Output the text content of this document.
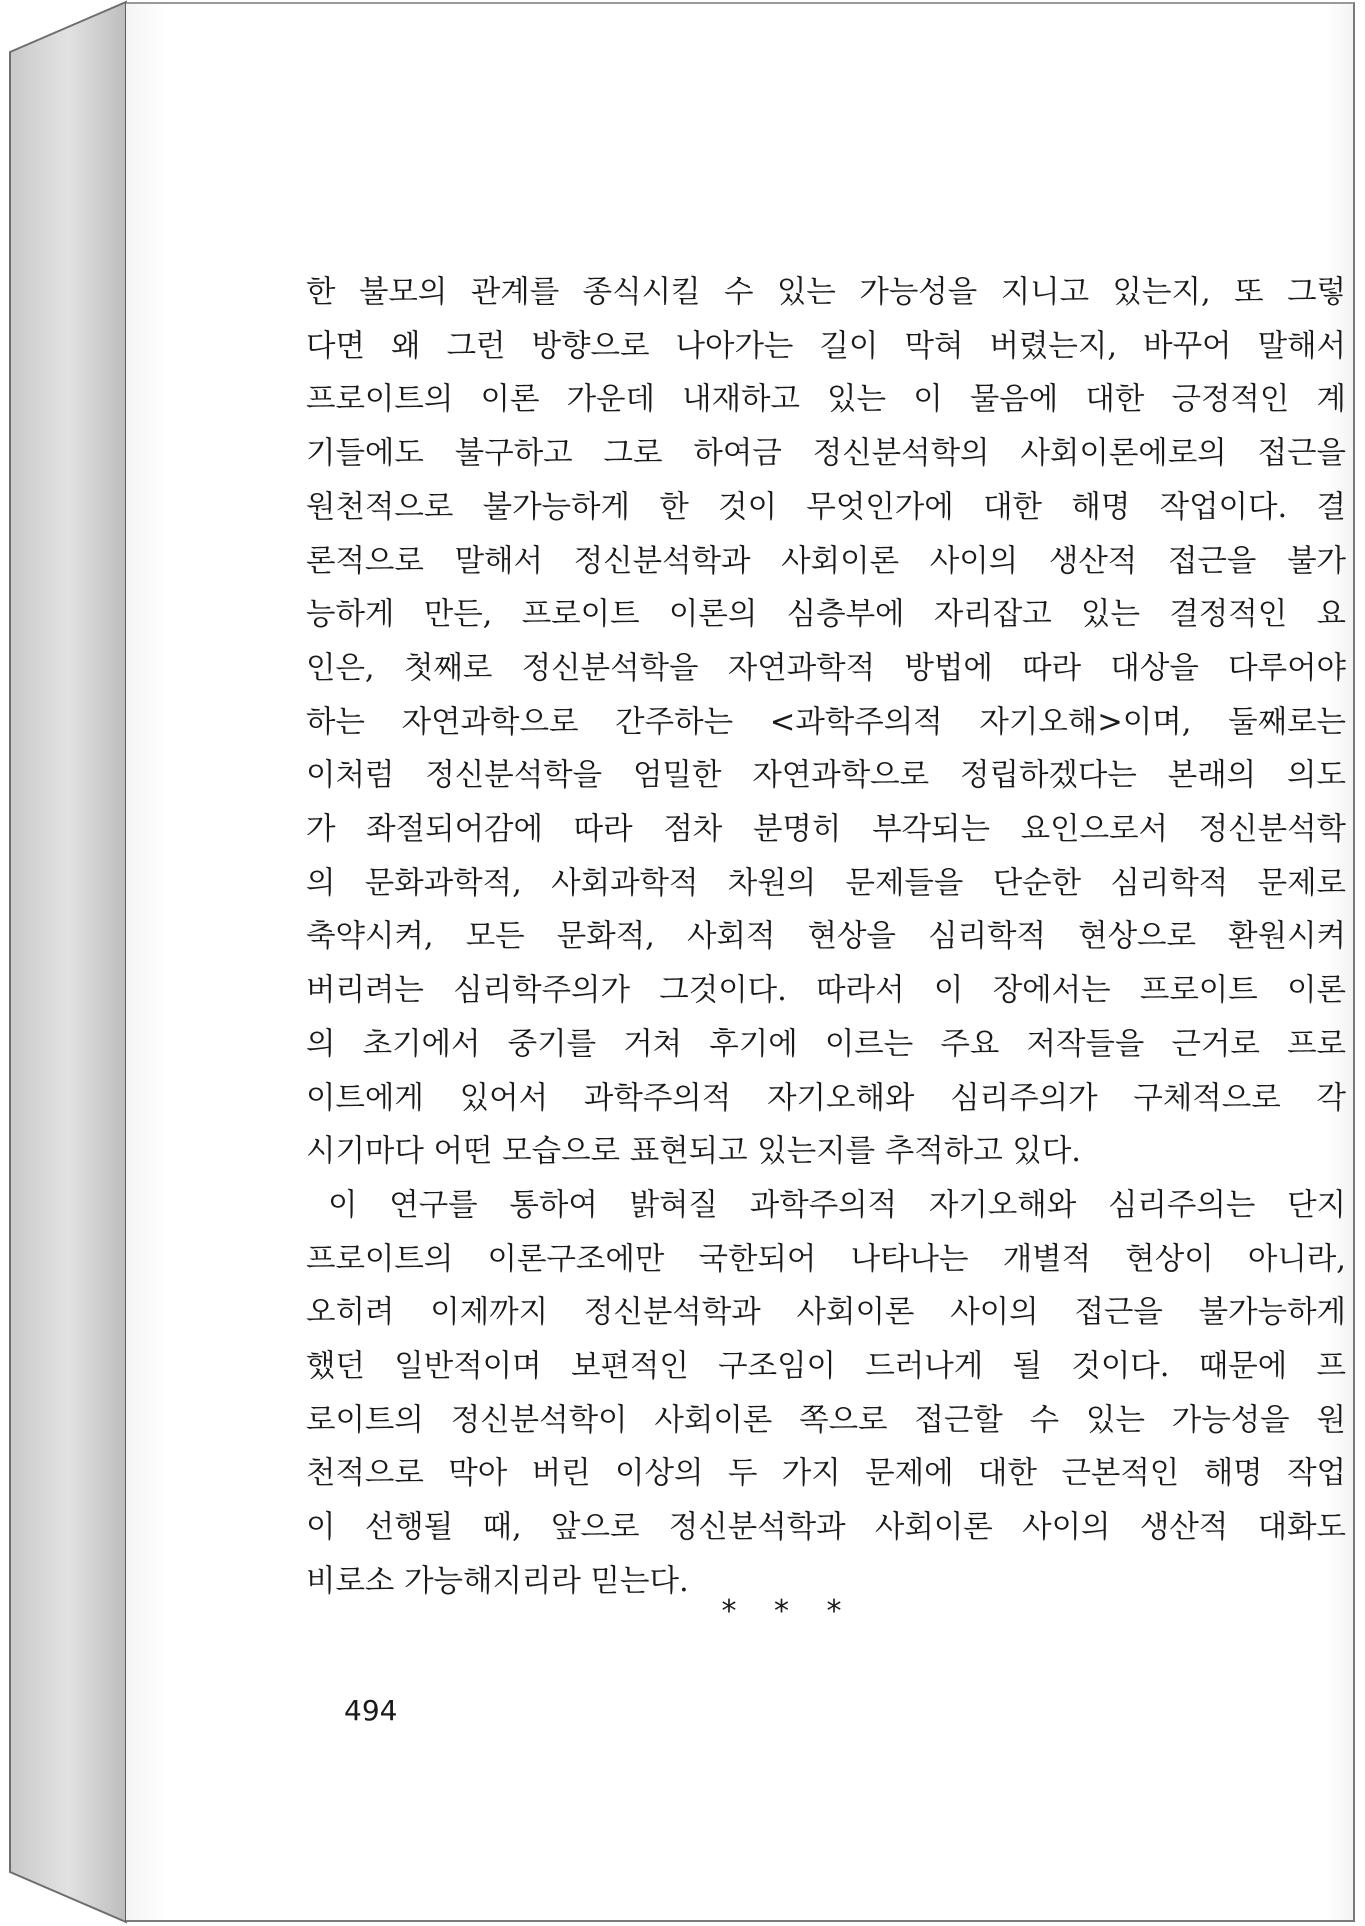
한 불모의 관계를 종식시킬 수 있는 가능성을 지니고 있는지, 또 그렇
다면 왜 그런 방향으로 나아가는 길이 막혀 버렸는지, 바꾸어 말해서
프로이트의 이론 가운데 내재하고 있는 이 물음에 대한 긍정적인 계
기들에도 불구하고 그로 하여금 정신분석학의 사회이론에로의 접근을
원천적으로 불가능하게 한 것이 무엇인가에 대한 해명 작업이다. 결
론적으로 말해서 정신분석학과 사회이론 사이의 생산적 접근을 불가
능하게 만든, 프로이트 이론의 심층부에 자리잡고 있는 결정적인 요
인은, 첫째로 정신분석학을 자연과학적 방법에 따라 대상을 다루어야
하는 자연과학으로 간주하는 <과학주의적 자기오해>이며, 둘째로는
이처럼 정신분석학을 엄밀한 자연과학으로 정립하겠다는 본래의 의도
가 좌절되어감에 따라 점차 분명히 부각되는 요인으로서 정신분석학
의 문화과학적, 사회과학적 차원의 문제들을 단순한 심리학적 문제로
축약시켜, 모든 문화적, 사회적 현상을 심리학적 현상으로 환원시켜
버리려는 심리학주의가 그것이다. 따라서 이 장에서는 프로이트 이론
의 초기에서 중기를 거쳐 후기에 이르는 주요 저작들을 근거로 프로
이트에게 있어서 과학주의적 자기오해와 심리주의가 구체적으로 각
시기마다 어떤 모습으로 표현되고 있는지를 추적하고 있다.

이 연구를 통하여 밝혀질 과학주의적 자기오해와 심리주의는 단지
프로이트의 이론구조에만 국한되어 나타나는 개별적 현상이 아니라,
오히려 이제까지 정신분석학과 사회이론 사이의 접근을 불가능하게
했던 일반적이며 보편적인 구조임이 드러나게 될 것이다. 때문에 프
로이트의 정신분석학이 사회이론 쪽으로 접근할 수 있는 가능성을 원
천적으로 막아 버린 이상의 두 가지 문제에 대한 근본적인 해명 작업
이 선행될 때, 앞으로 정신분석학과 사회이론 사이의 생산적 대화도
비로소 가능해지리라 믿는다.

* * *
494
